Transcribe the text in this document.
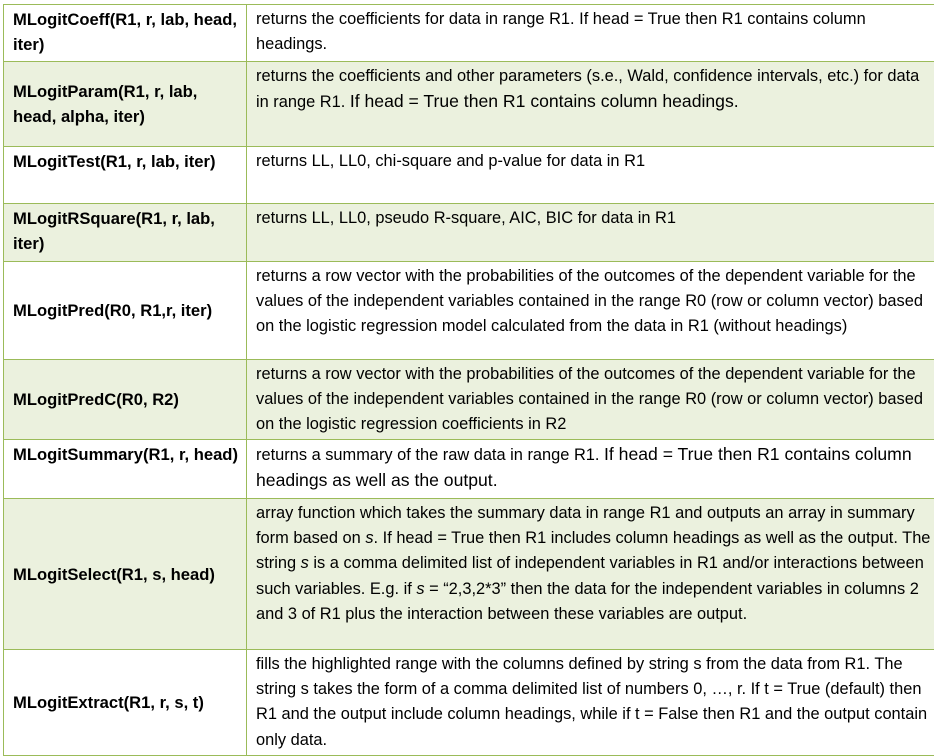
MLogitCoeff(R1, r, lab, head, iter)	returns the coefficients for data in range R1. If head = True then R1 contains column headings.
MLogitParam(R1, r, lab, head, alpha, iter)	returns the coefficients and other parameters (s.e., Wald, confidence intervals, etc.) for data in range R1. If head = True then R1 contains column headings.
MLogitTest(R1, r, lab, iter)	returns LL, LL0, chi-square and p-value for data in R1
MLogitRSquare(R1, r, lab, iter)	returns LL, LL0, pseudo R-square, AIC, BIC for data in R1
MLogitPred(R0, R1,r, iter)	returns a row vector with the probabilities of the outcomes of the dependent variable for the values of the independent variables contained in the range R0 (row or column vector) based on the logistic regression model calculated from the data in R1 (without headings)
MLogitPredC(R0, R2)	returns a row vector with the probabilities of the outcomes of the dependent variable for the values of the independent variables contained in the range R0 (row or column vector) based on the logistic regression coefficients in R2
MLogitSummary(R1, r, head)	returns a summary of the raw data in range R1. If head = True then R1 contains column headings as well as the output.
MLogitSelect(R1, s, head)	array function which takes the summary data in range R1 and outputs an array in summary form based on s. If head = True then R1 includes column headings as well as the output. The string s is a comma delimited list of independent variables in R1 and/or interactions between such variables. E.g. if s = “2,3,2*3” then the data for the independent variables in columns 2 and 3 of R1 plus the interaction between these variables are output.
MLogitExtract(R1, r, s, t)	fills the highlighted range with the columns defined by string s from the data from R1. The string s takes the form of a comma delimited list of numbers 0, …, r. If t = True (default) then R1 and the output include column headings, while if t = False then R1 and the output contain only data.
